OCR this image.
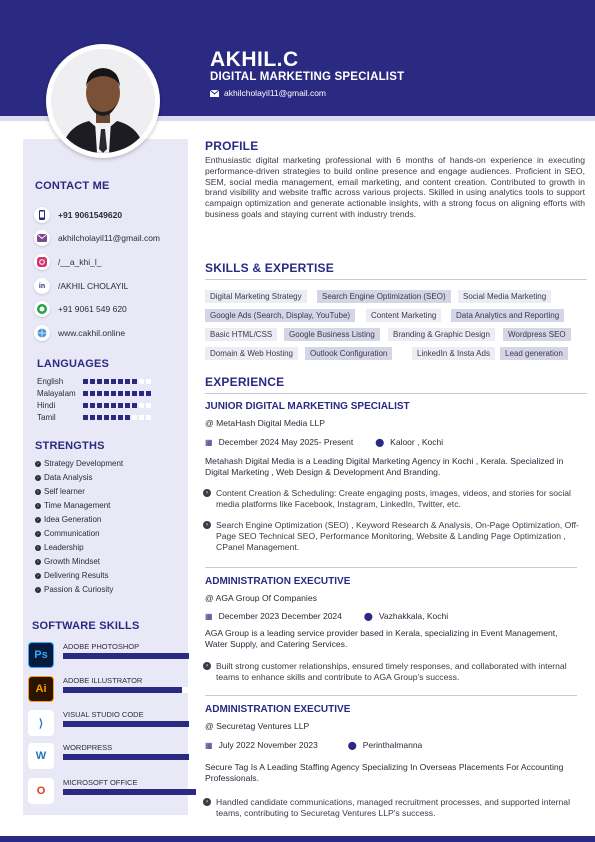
AKHIL.C
DIGITAL MARKETING SPECIALIST
akhilcholayil11@gmail.com
CONTACT ME
+91 9061549620
akhilcholayil11@gmail.com
/__a_khi_l_
in /AKHIL CHOLAYIL
+91 9061 549 620
www.cakhil.online
LANGUAGES
English
Malayalam
Hindi
Tamil
STRENGTHS
› Strategy Development
› Data Analysis
› Self learner
› Time Management
› Idea Generation
› Communication
› Leadership
› Growth Mindset
› Delivering Results
› Passion & Curiosity
SOFTWARE SKILLS
Ps
ADOBE PHOTOSHOP
Ai
ADOBE ILLUSTRATOR
⟩
VISUAL STUDIO CODE
W
WORDPRESS
O
MICROSOFT OFFICE
PROFILE
Enthusiastic digital marketing professional with 6 months of hands-on experience in executing performance-driven strategies to build online presence and engage audiences. Proficient in SEO, SEM, social media management, email marketing, and content creation. Contributed to growth in brand visibility and website traffic across various projects. Skilled in using analytics tools to support campaign optimization and generate actionable insights, with a strong focus on aligning efforts with business goals and staying current with industry trends.
SKILLS & EXPERTISE
Digital Marketing Strategy	Search Engine Optimization (SEO)	Social Media Marketing
Google Ads (Search, Display, YouTube)	Content Marketing	Data Analytics and Reporting
Basic HTML/CSS	Google Business Listing	Branding & Graphic Design	Wordpress SEO
Domain & Web Hosting	Outlook Configuration	LinkedIn & Insta Ads	Lead generation
EXPERIENCE
JUNIOR DIGITAL MARKETING SPECIALIST
@ MetaHash Digital Media LLP
▦ December 2024 May 2025- Present	⬤ Kaloor , Kochi
Metahash Digital Media is a Leading Digital Marketing Agency in Kochi , Kerala. Specialized in Digital Marketing , Web Design & Development And Branding.
› Content Creation & Scheduling: Create engaging posts, images, videos, and stories for social media platforms like Facebook, Instagram, LinkedIn, Twitter, etc.
› Search Engine Optimization (SEO) , Keyword Research & Analysis, On-Page Optimization, Off-Page SEO Technical SEO, Performance Monitoring, Website & Landing Page Optimization , CPanel Management.
ADMINISTRATION EXECUTIVE
@ AGA Group Of Companies
▦ December 2023 December 2024	⬤ Vazhakkala, Kochi
AGA Group is a leading service provider based in Kerala, specializing in Event Management, Water Supply, and Catering Services.
› Built strong customer relationships, ensured timely responses, and collaborated with internal teams to enhance skills and contribute to AGA Group's success.
ADMINISTRATION EXECUTIVE
@ Securetag Ventures LLP
▦ July 2022 November 2023	⬤ Perinthalmanna
Secure Tag Is A Leading Staffing Agency Specializing In Overseas Placements For Accounting Professionals.
› Handled candidate communications, managed recruitment processes, and supported internal teams, contributing to Securetag Ventures LLP's success.
